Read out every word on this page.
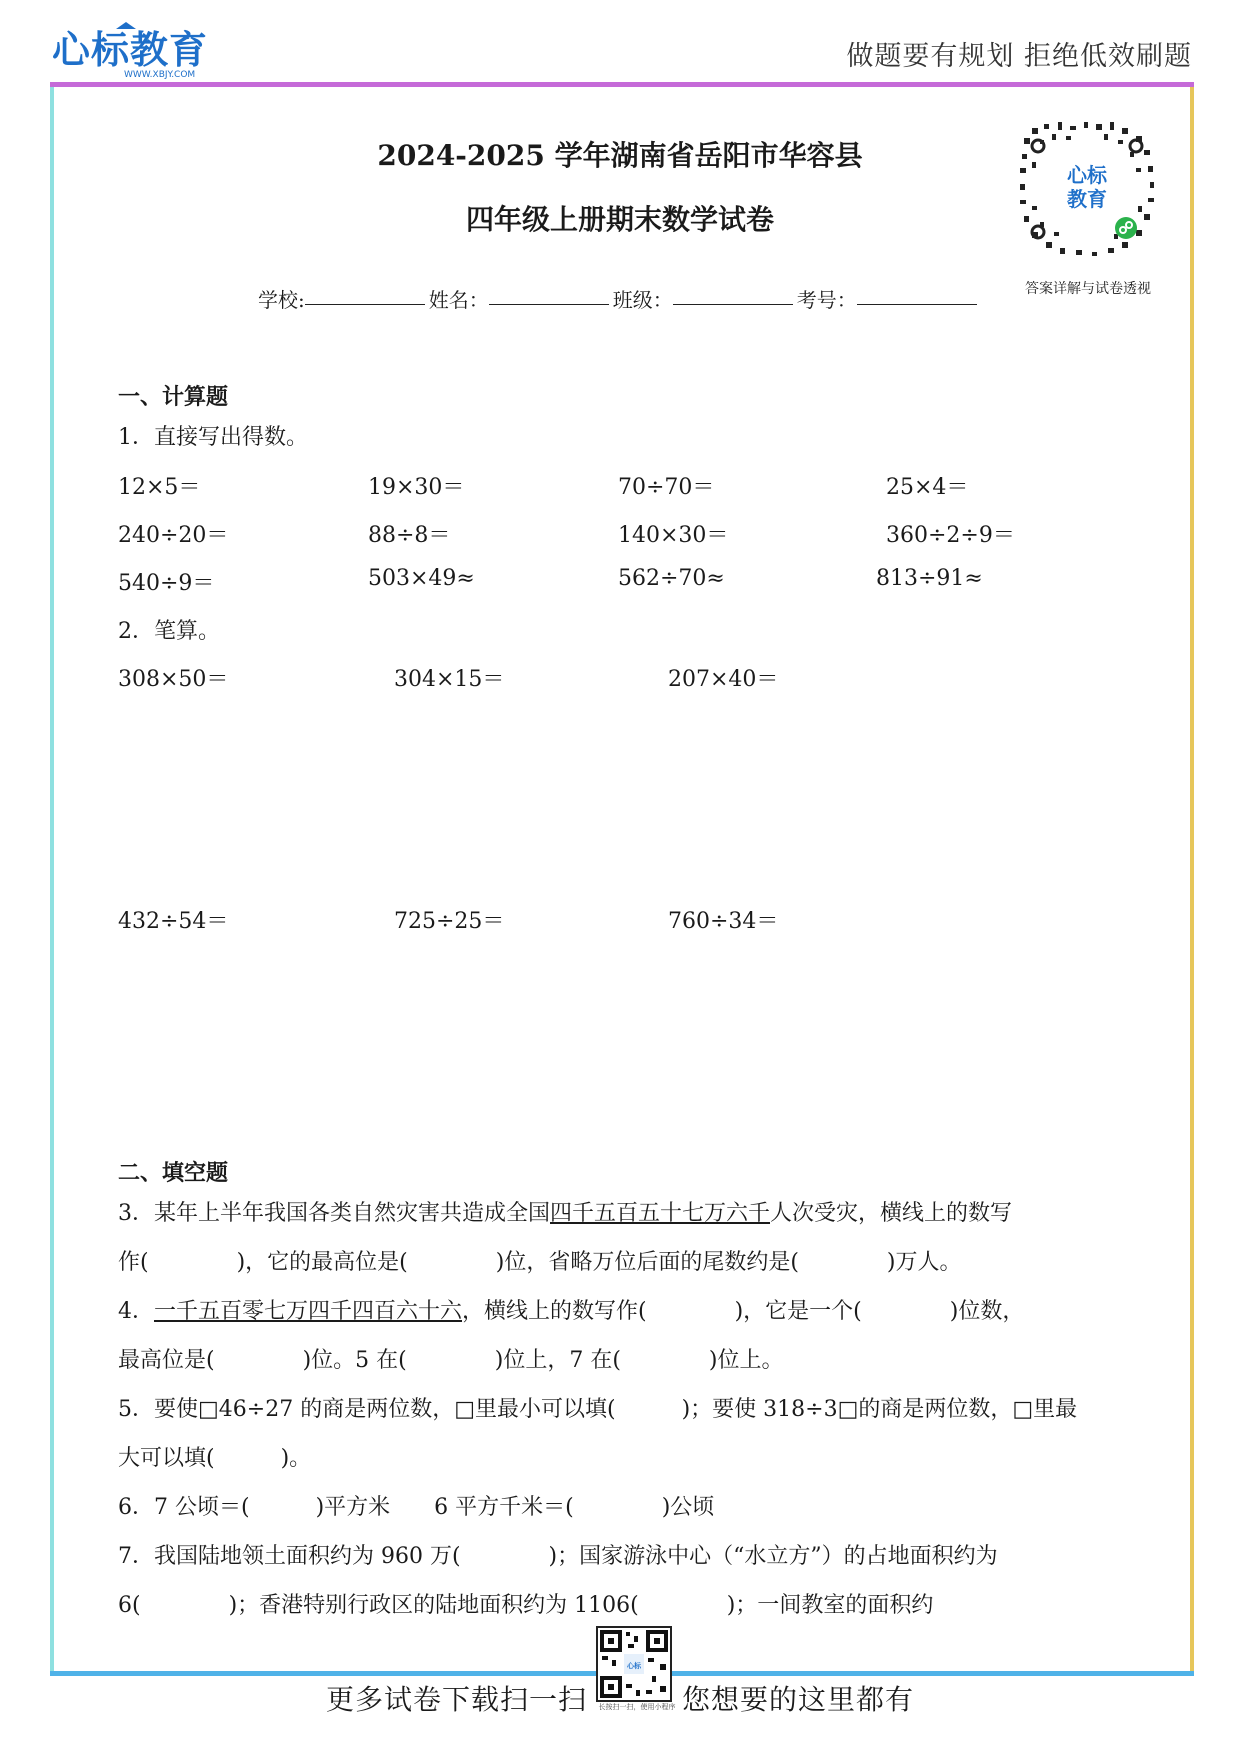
心标教育
WWW.XBJY.COM
做题要有规划 拒绝低效刷题
2024-2025 学年湖南省岳阳市华容县
四年级上册期末数学试卷
心标
教育
答案详解与试卷透视
学校:	姓名：	班级：	考号：
一、计算题
1．直接写出得数。
12×5＝	19×30＝	70÷70＝	25×4＝
240÷20＝	88÷8＝	140×30＝	360÷2÷9＝
540÷9＝	503×49≈	562÷70≈	813÷91≈
2．笔算。
308×50＝	304×15＝	207×40＝
432÷54＝	725÷25＝	760÷34＝
二、填空题
3．某年上半年我国各类自然灾害共造成全国四千五百五十七万六千人次受灾，横线上的数写
作(　　　　)，它的最高位是(　　　　)位，省略万位后面的尾数约是(　　　　)万人。
4．一千五百零七万四千四百六十六，横线上的数写作(　　　　)，它是一个(　　　　)位数，
最高位是(　　　　)位。5 在(　　　　)位上，7 在(　　　　)位上。
5．要使□46÷27 的商是两位数，□里最小可以填(　　　)；要使 318÷3□的商是两位数，□里最
大可以填(　　　)。
6．7 公顷＝(　　　)平方米　　6 平方千米＝(　　　　)公顷
7．我国陆地领土面积约为 960 万(　　　　)；国家游泳中心（“水立方”）的占地面积约为
6(　　　　)；香港特别行政区的陆地面积约为 1106(　　　　)；一间教室的面积约
更多试卷下载扫一扫
心标
长按扫一扫，使用小程序 您想要的这里都有
